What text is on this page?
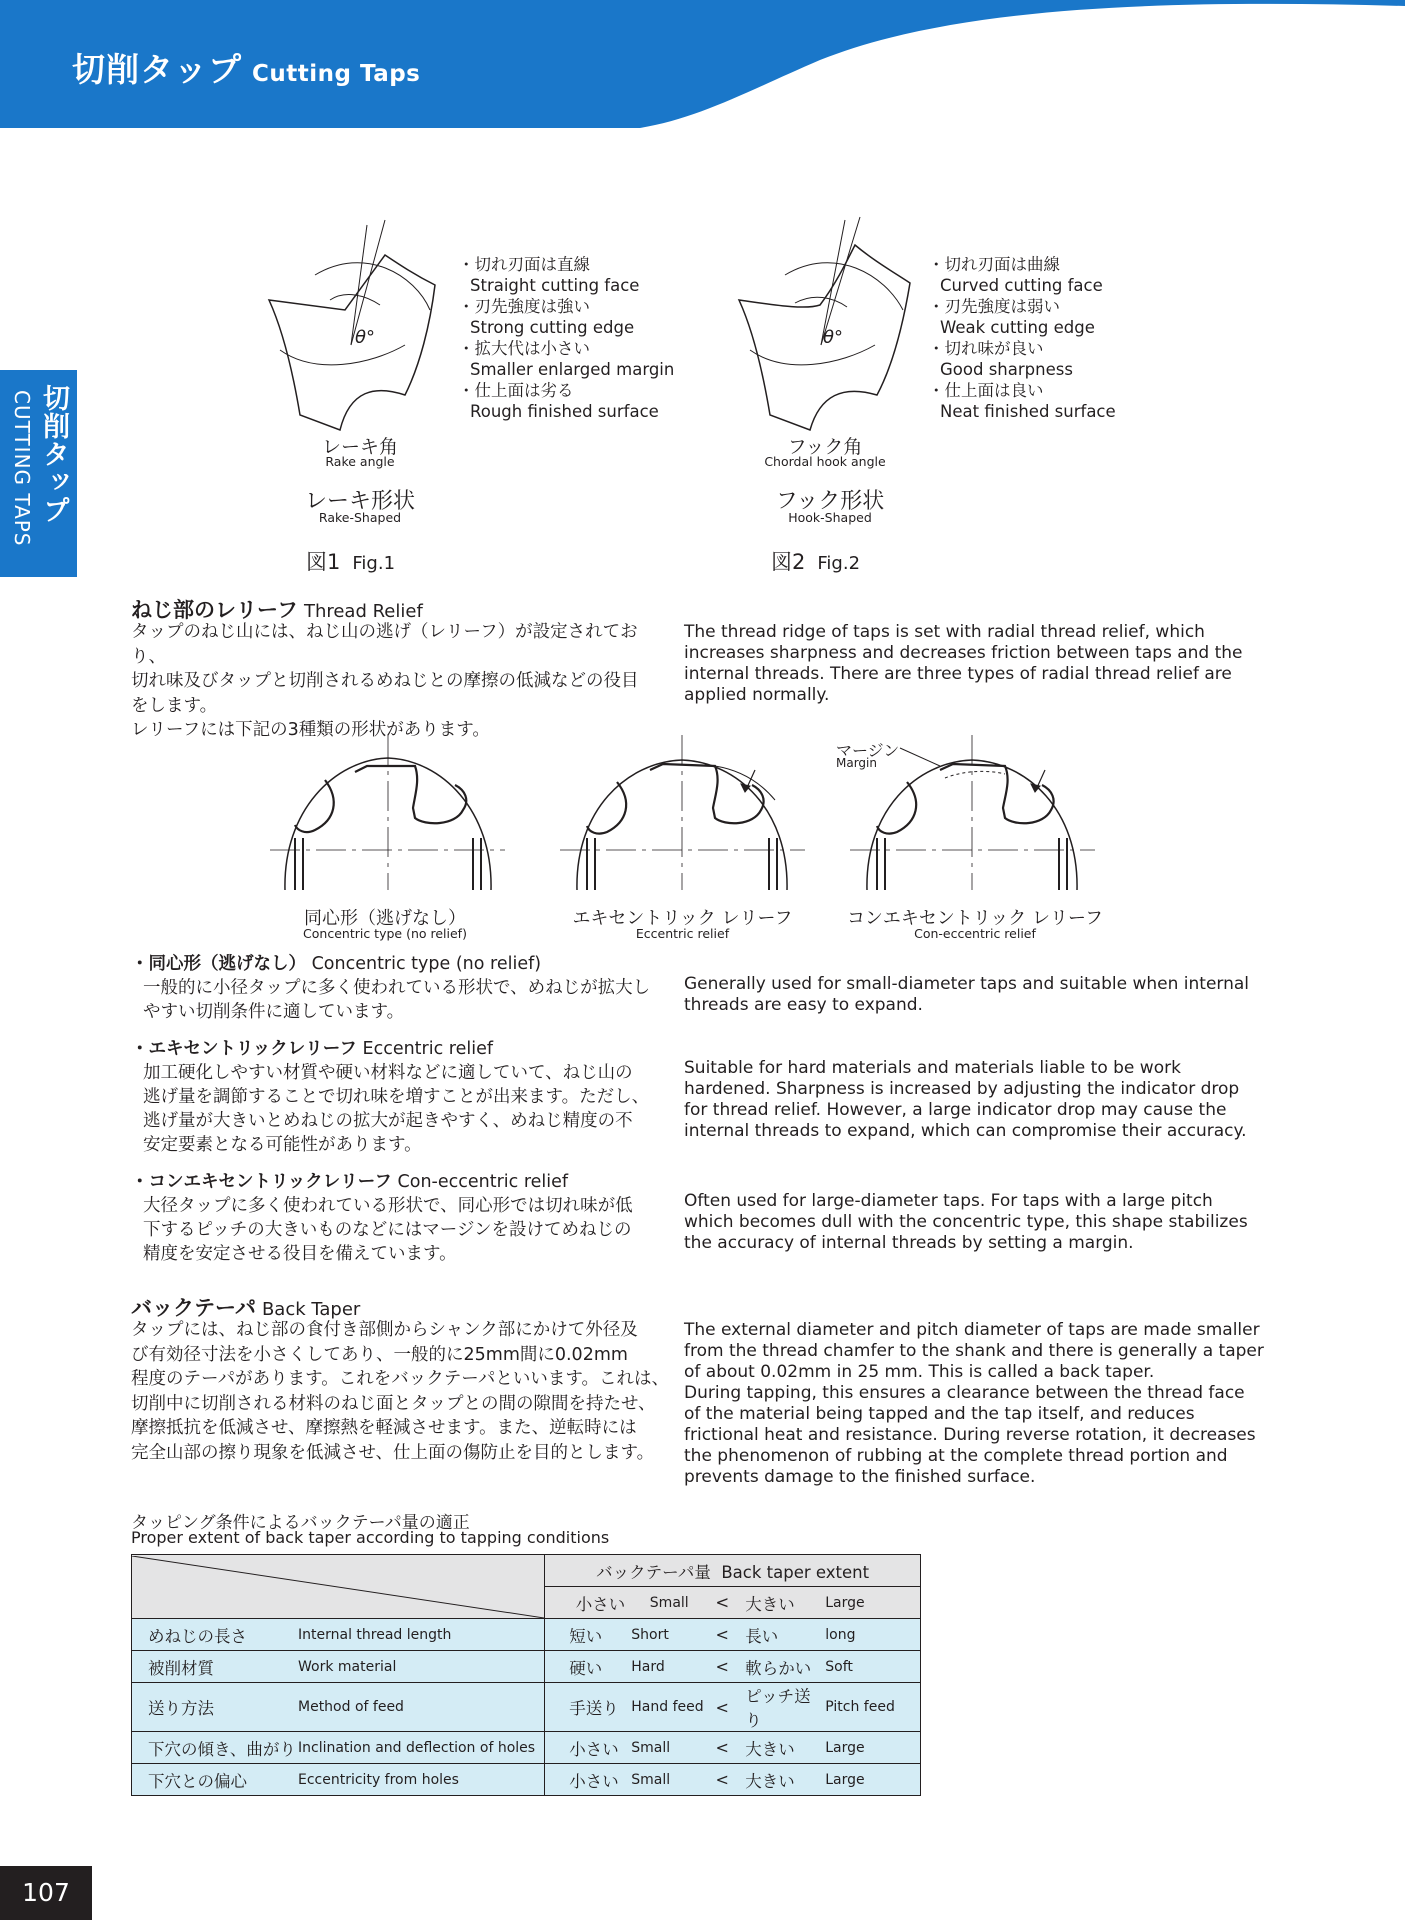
切削タップ Cutting Taps
切削タップ
CUTTING TAPS
θ°
・切れ刃面は直線
Straight cutting face
・刃先強度は強い
Strong cutting edge
・拡大代は小さい
Smaller enlarged margin
・仕上面は劣る
Rough finished surface
レーキ角
Rake angle
レーキ形状
Rake-Shaped
図1 Fig.1
θ°
・切れ刃面は曲線
Curved cutting face
・刃先強度は弱い
Weak cutting edge
・切れ味が良い
Good sharpness
・仕上面は良い
Neat finished surface
フック角
Chordal hook angle
フック形状
Hook-Shaped
図2 Fig.2
ねじ部のレリーフ Thread Relief
タップのねじ山には、ねじ山の逃げ（レリーフ）が設定されており、
切れ味及びタップと切削されるめねじとの摩擦の低減などの役目
をします。
レリーフには下記の3種類の形状があります。
The thread ridge of taps is set with radial thread relief, which
increases sharpness and decreases friction between taps and the
internal threads. There are three types of radial thread relief are
applied normally.
マージン
Margin
同心形（逃げなし）
Concentric type (no relief)
エキセントリック レリーフ
Eccentric relief
コンエキセントリック レリーフ
Con-eccentric relief
・同心形（逃げなし） Concentric type (no relief)
一般的に小径タップに多く使われている形状で、めねじが拡大し
やすい切削条件に適しています。
Generally used for small-diameter taps and suitable when internal
threads are easy to expand.
・エキセントリックレリーフ Eccentric relief
加工硬化しやすい材質や硬い材料などに適していて、ねじ山の
逃げ量を調節することで切れ味を増すことが出来ます。ただし、
逃げ量が大きいとめねじの拡大が起きやすく、めねじ精度の不
安定要素となる可能性があります。
Suitable for hard materials and materials liable to be work
hardened. Sharpness is increased by adjusting the indicator drop
for thread relief. However, a large indicator drop may cause the
internal threads to expand, which can compromise their accuracy.
・コンエキセントリックレリーフ Con-eccentric relief
大径タップに多く使われている形状で、同心形では切れ味が低
下するピッチの大きいものなどにはマージンを設けてめねじの
精度を安定させる役目を備えています。
Often used for large-diameter taps. For taps with a large pitch
which becomes dull with the concentric type, this shape stabilizes
the accuracy of internal threads by setting a margin.
バックテーパ Back Taper
タップには、ねじ部の食付き部側からシャンク部にかけて外径及
び有効径寸法を小さくしてあり、一般的に25mm間に0.02mm
程度のテーパがあります。これをバックテーパといいます。これは、
切削中に切削される材料のねじ面とタップとの間の隙間を持たせ、
摩擦抵抗を低減させ、摩擦熱を軽減させます。また、逆転時には
完全山部の擦り現象を低減させ、仕上面の傷防止を目的とします。
The external diameter and pitch diameter of taps are made smaller
from the thread chamfer to the shank and there is generally a taper
of about 0.02mm in 25 mm. This is called a back taper.
During tapping, this ensures a clearance between the thread face
of the material being tapped and the tap itself, and reduces
frictional heat and resistance. During reverse rotation, it decreases
the phenomenon of rubbing at the complete thread portion and
prevents damage to the finished surface.
タッピング条件によるバックテーパ量の適正
Proper extent of back taper according to tapping conditions
	バックテーパ量 Back taper extent

	小さい Small < 大きい Large

めねじの長さ Internal thread length	短い Short < 長い long

被削材質 Work material	硬い Hard < 軟らかい Soft

送り方法 Method of feed	手送り Hand feed <
ピッチ送り
Pitch feed

下穴の傾き、曲がり Inclination and deflection of holes	小さい Small < 大きい Large

下穴との偏心 Eccentricity from holes	小さい Small < 大きい Large
107
